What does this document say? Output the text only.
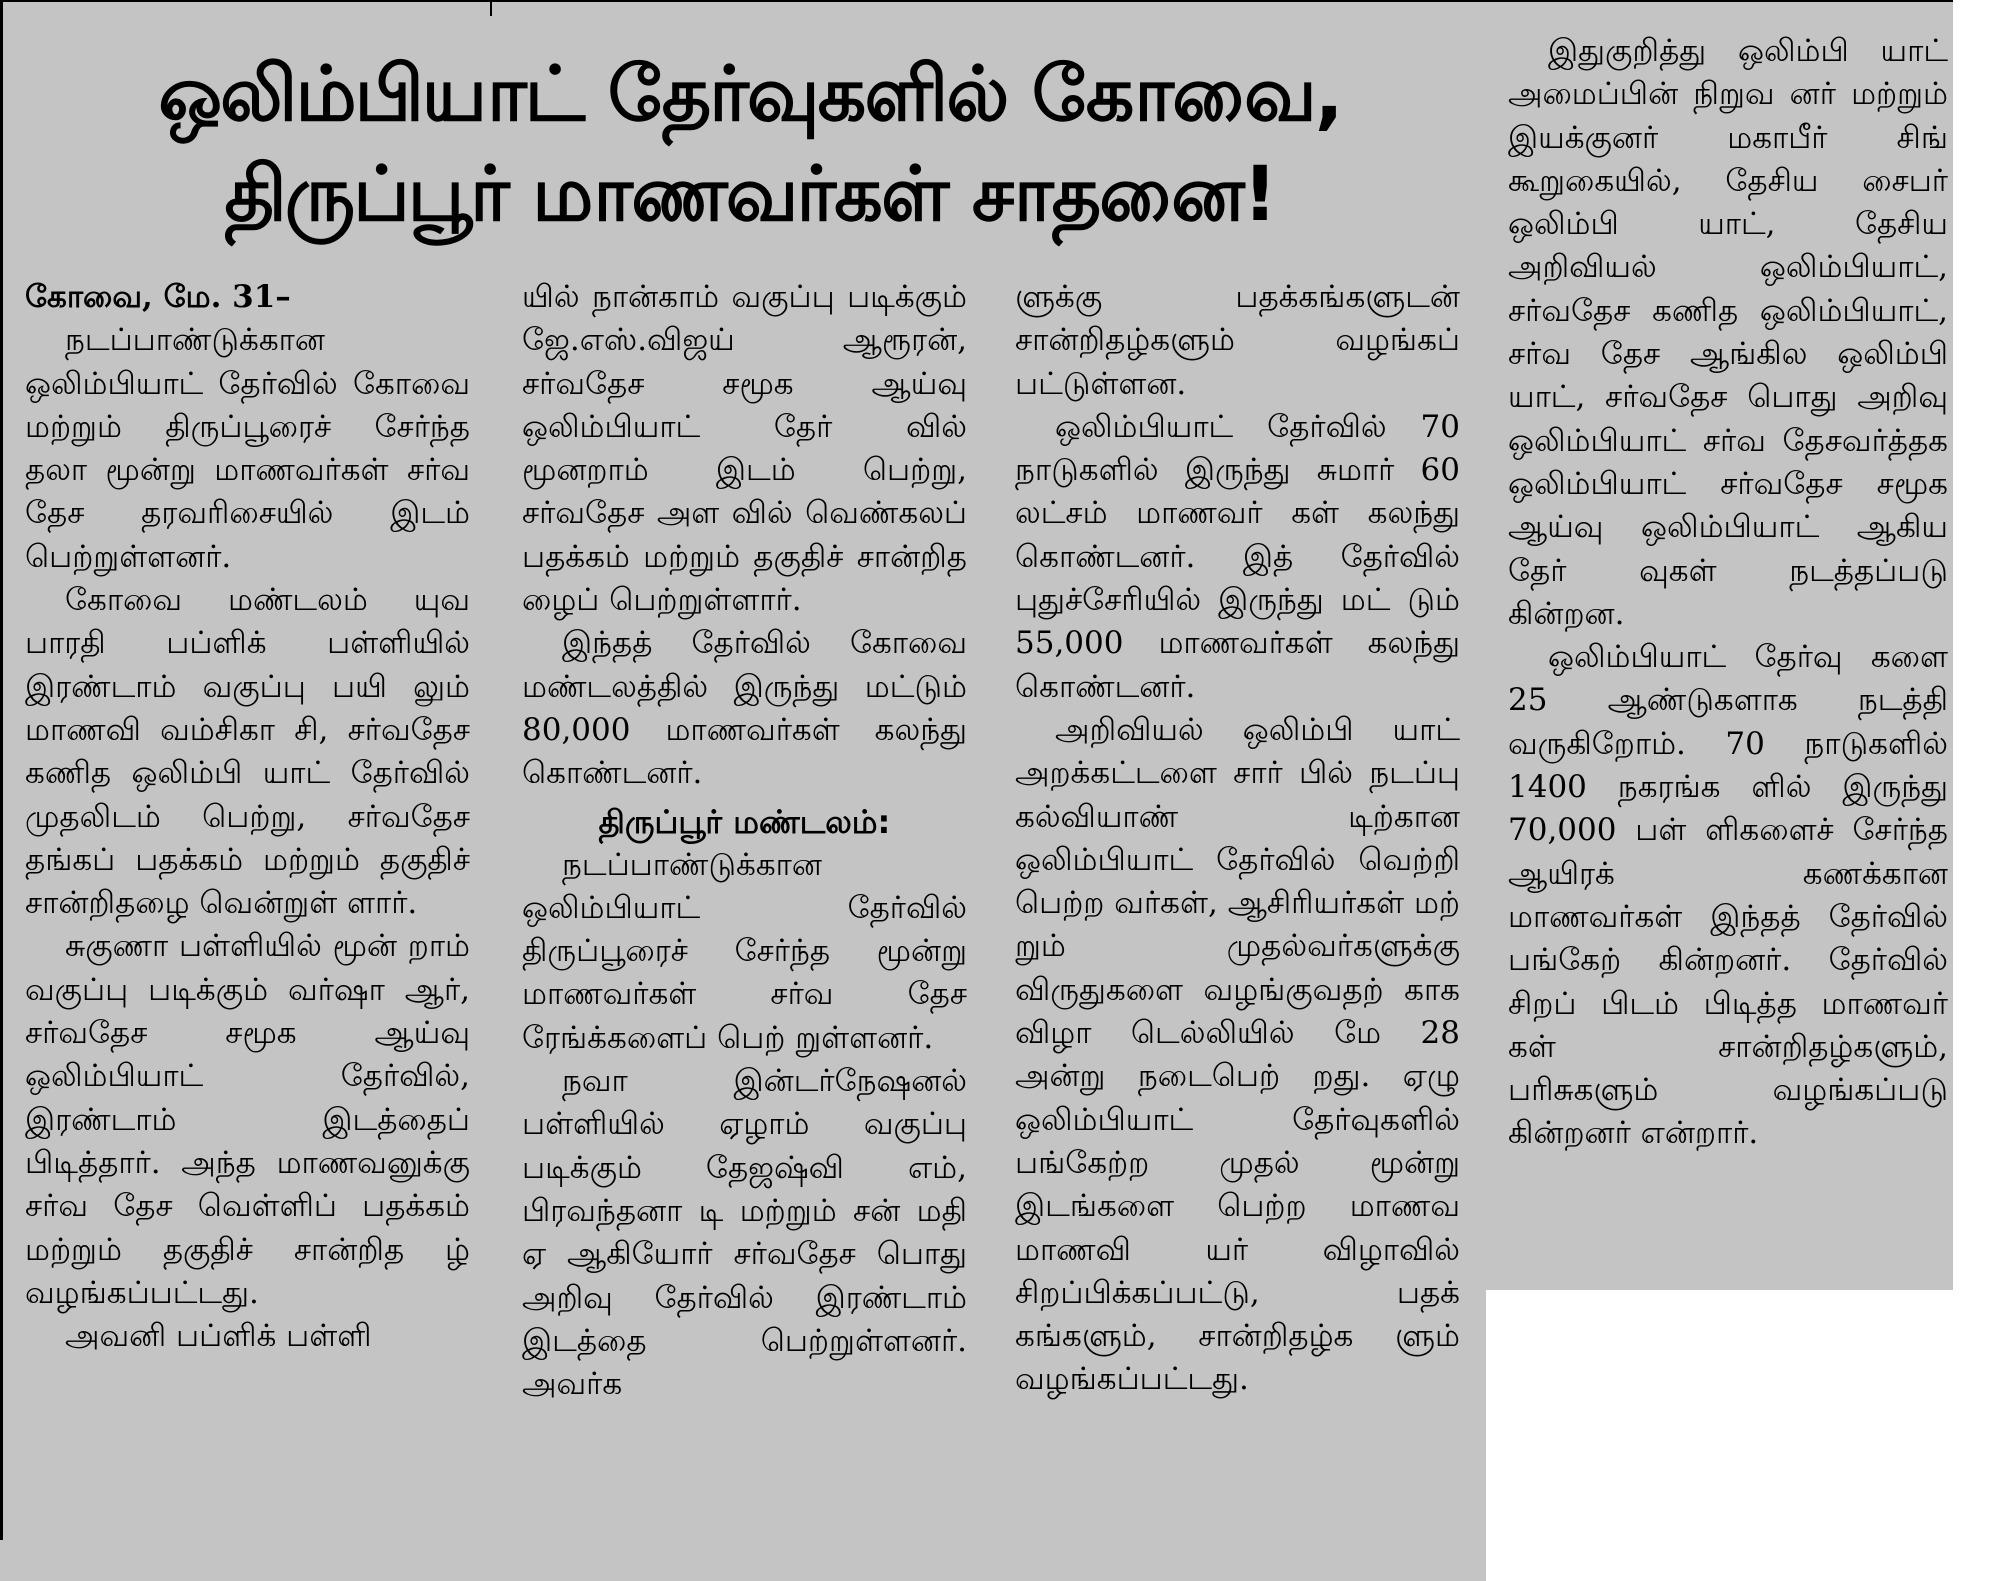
ஒலிம்பியாட் தேர்வுகளில் கோவை,
திருப்பூர் மாணவர்கள் சாதனை!

கோவை, மே. 31–

நடப்பாண்டுக்கான ஒலிம்பியாட் தேர்வில் கோவை மற்றும் திருப்பூரைச் சேர்ந்த தலா மூன்று மாணவர்கள் சர்வ தேச தரவரிசையில் இடம் பெற்றுள்ளனர்.

கோவை மண்டலம் யுவ பாரதி பப்ளிக் பள்ளியில் இரண்டாம் வகுப்பு பயி லும் மாணவி வம்சிகா சி, சர்வதேச கணித ஒலிம்பி யாட் தேர்வில் முதலிடம் பெற்று, சர்வதேச தங்கப் பதக்கம் மற்றும் தகுதிச் சான்றிதழை வென்றுள் ளார்.

சுகுணா பள்ளியில் மூன் றாம் வகுப்பு படிக்கும் வர்ஷா ஆர், சர்வதேச சமூக ஆய்வு ஒலிம்பியாட் தேர்வில், இரண்டாம் இடத்தைப் பிடித்தார். அந்த மாணவனுக்கு சர்வ தேச வெள்ளிப் பதக்கம் மற்றும் தகுதிச் சான்றித ழ் வழங்கப்பட்டது.

அவனி பப்ளிக் பள்ளி

யில் நான்காம் வகுப்பு படிக்கும் ஜே.எஸ்.விஜய் ஆரூரன், சர்வதேச சமூக ஆய்வு ஒலிம்பியாட் தேர் வில் மூனறாம் இடம் பெற்று, சர்வதேச அள வில் வெண்கலப் பதக்கம் மற்றும் தகுதிச் சான்றித ழைப் பெற்றுள்ளார்.

இந்தத் தேர்வில் கோவை மண்டலத்தில் இருந்து மட்டும் 80,000 மாணவர்கள் கலந்து கொண்டனர்.

திருப்பூர் மண்டலம்:

நடப்பாண்டுக்கான ஒலிம்பியாட் தேர்வில் திருப்பூரைச் சேர்ந்த மூன்று மாணவர்கள் சர்வ தேச ரேங்க்களைப் பெற் றுள்ளனர்.

நவா இன்டர்நேஷனல் பள்ளியில் ஏழாம் வகுப்பு படிக்கும் தேஜஷ்வி எம், பிரவந்தனா டி மற்றும் சன் மதி ஏ ஆகியோர் சர்வதேச பொது அறிவு தேர்வில் இரண்டாம் இடத்தை பெற்றுள்ளனர். அவர்க

ளுக்கு பதக்கங்களுடன் சான்றிதழ்களும் வழங்கப் பட்டுள்ளன.

ஒலிம்பியாட் தேர்வில் 70 நாடுகளில் இருந்து சுமார் 60 லட்சம் மாணவர் கள் கலந்து கொண்டனர். இத் தேர்வில் புதுச்சேரியில் இருந்து மட் டும் 55,000 மாணவர்கள் கலந்து கொண்டனர்.

அறிவியல் ஒலிம்பி யாட் அறக்கட்டளை சார் பில் நடப்பு கல்வியாண் டிற்கான ஒலிம்பியாட் தேர்வில் வெற்றி பெற்ற வர்கள், ஆசிரியர்கள் மற் றும் முதல்வர்களுக்கு விருதுகளை வழங்குவதற் காக விழா டெல்லியில் மே 28 அன்று நடைபெற் றது. ஏழு ஒலிம்பியாட் தேர்வுகளில் பங்கேற்ற முதல் மூன்று இடங்களை பெற்ற மாணவ மாணவி யர் விழாவில் சிறப்பிக்கப்பட்டு, பதக் கங்களும், சான்றிதழ்க ளும் வழங்கப்பட்டது.

இதுகுறித்து ஒலிம்பி யாட் அமைப்பின் நிறுவ னர் மற்றும் இயக்குனர் மகாபீர் சிங் கூறுகையில், தேசிய சைபர் ஒலிம்பி யாட், தேசிய அறிவியல் ஒலிம்பியாட், சர்வதேச கணித ஒலிம்பியாட், சர்வ தேச ஆங்கில ஒலிம்பி யாட், சர்வதேச பொது அறிவு ஒலிம்பியாட் சர்வ தேசவர்த்தக ஒலிம்பியாட் சர்வதேச சமூக ஆய்வு ஒலிம்பியாட் ஆகிய தேர் வுகள் நடத்தப்படு கின்றன.

ஒலிம்பியாட் தேர்வு களை 25 ஆண்டுகளாக நடத்தி வருகிறோம். 70 நாடுகளில் 1400 நகரங்க ளில் இருந்து 70,000 பள் ளிகளைச் சேர்ந்த ஆயிரக் கணக்கான மாணவர்கள் இந்தத் தேர்வில் பங்கேற் கின்றனர். தேர்வில் சிறப் பிடம் பிடித்த மாணவர் கள் சான்றிதழ்களும், பரிசுகளும் வழங்கப்படு கின்றனர் என்றார்.
